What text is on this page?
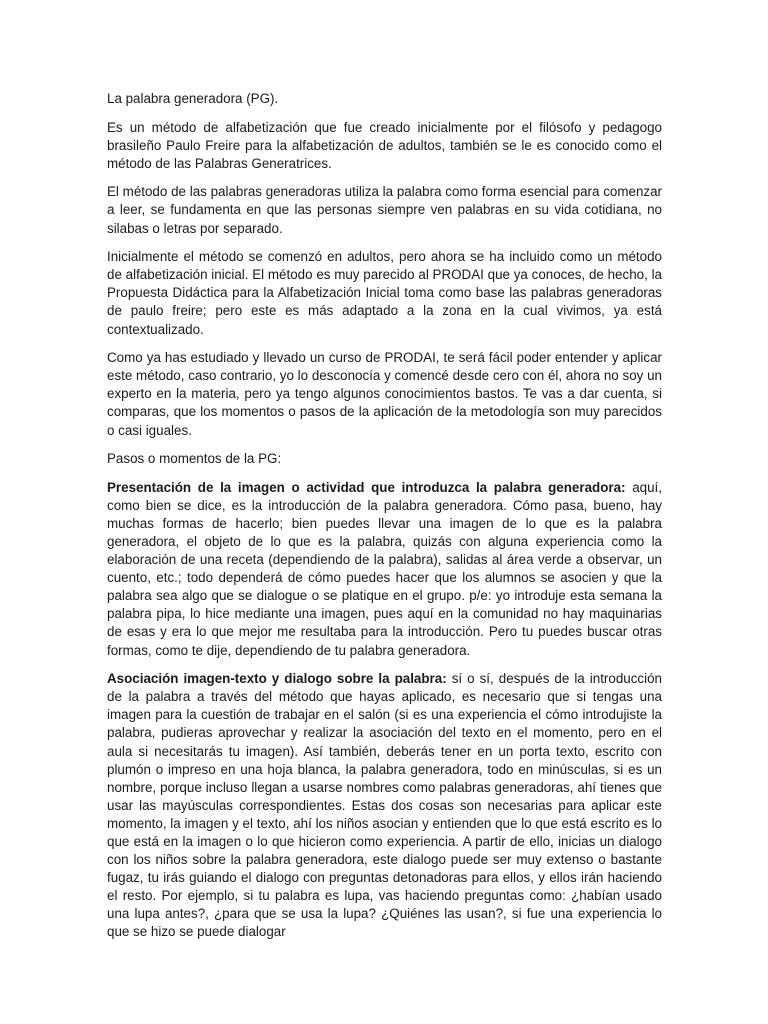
La palabra generadora (PG).

Es un método de alfabetización que fue creado inicialmente por el filósofo y pedagogo brasileño Paulo Freire para la alfabetización de adultos, también se le es conocido como el método de las Palabras Generatrices.

El método de las palabras generadoras utiliza la palabra como forma esencial para comenzar a leer, se fundamenta en que las personas siempre ven palabras en su vida cotidiana, no silabas o letras por separado.

Inicialmente el método se comenzó en adultos, pero ahora se ha incluido como un método de alfabetización inicial. El método es muy parecido al PRODAI que ya conoces, de hecho, la Propuesta Didáctica para la Alfabetización Inicial toma como base las palabras generadoras de paulo freire; pero este es más adaptado a la zona en la cual vivimos, ya está contextualizado.

Como ya has estudiado y llevado un curso de PRODAI, te será fácil poder entender y aplicar este método, caso contrario, yo lo desconocía y comencé desde cero con él, ahora no soy un experto en la materia, pero ya tengo algunos conocimientos bastos. Te vas a dar cuenta, si comparas, que los momentos o pasos de la aplicación de la metodología son muy parecidos o casi iguales.

Pasos o momentos de la PG:

Presentación de la imagen o actividad que introduzca la palabra generadora: aquí, como bien se dice, es la introducción de la palabra generadora. Cómo pasa, bueno, hay muchas formas de hacerlo; bien puedes llevar una imagen de lo que es la palabra generadora, el objeto de lo que es la palabra, quizás con alguna experiencia como la elaboración de una receta (dependiendo de la palabra), salidas al área verde a observar, un cuento, etc.; todo dependerá de cómo puedes hacer que los alumnos se asocien y que la palabra sea algo que se dialogue o se platique en el grupo. p/e: yo introduje esta semana la palabra pipa, lo hice mediante una imagen, pues aquí en la comunidad no hay maquinarias de esas y era lo que mejor me resultaba para la introducción. Pero tu puedes buscar otras formas, como te dije, dependiendo de tu palabra generadora.

Asociación imagen-texto y dialogo sobre la palabra: sí o sí, después de la introducción de la palabra a través del método que hayas aplicado, es necesario que si tengas una imagen para la cuestión de trabajar en el salón (si es una experiencia el cómo introdujiste la palabra, pudieras aprovechar y realizar la asociación del texto en el momento, pero en el aula si necesitarás tu imagen). Así también, deberás tener en un porta texto, escrito con plumón o impreso en una hoja blanca, la palabra generadora, todo en minúsculas, si es un nombre, porque incluso llegan a usarse nombres como palabras generadoras, ahí tienes que usar las mayúsculas correspondientes. Estas dos cosas son necesarias para aplicar este momento, la imagen y el texto, ahí los niños asocian y entienden que lo que está escrito es lo que está en la imagen o lo que hicieron como experiencia. A partir de ello, inicias un dialogo con los niños sobre la palabra generadora, este dialogo puede ser muy extenso o bastante fugaz, tu irás guiando el dialogo con preguntas detonadoras para ellos, y ellos irán haciendo el resto. Por ejemplo, si tu palabra es lupa, vas haciendo preguntas como: ¿habían usado una lupa antes?, ¿para que se usa la lupa? ¿Quiénes las usan?, si fue una experiencia lo que se hizo se puede dialogar
